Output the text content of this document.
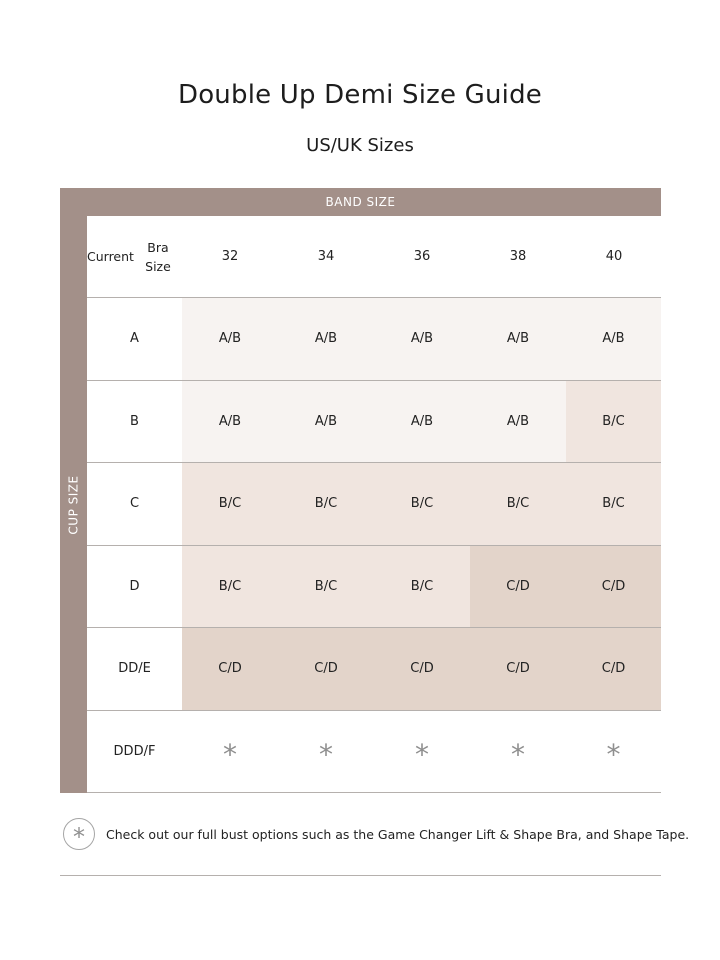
Double Up Demi Size Guide
US/UK Sizes
BAND SIZE
CUP SIZE
Current

Bra Size
32	34	36	38	40
A	A/B	A/B	A/B	A/B	A/B
B	A/B	A/B	A/B	A/B	B/C
C	B/C	B/C	B/C	B/C	B/C
D	B/C	B/C	B/C	C/D	C/D
DD/E	C/D	C/D	C/D	C/D	C/D
DDD/F	*	*	*	*	*
*	Check out our full bust options such as the Game Changer Lift & Shape Bra, and Shape Tape.
